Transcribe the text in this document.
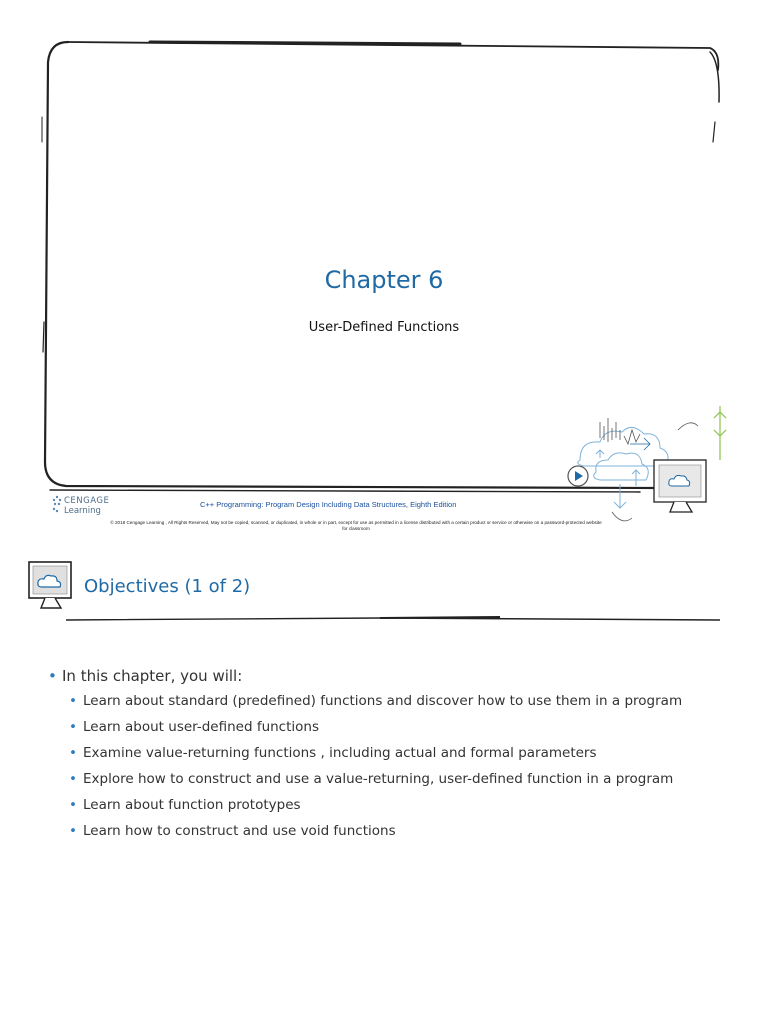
Chapter 6
User-Defined Functions
CENGAGE
Learning
C++ Programming: Program Design Including Data Structures, Eighth Edition
© 2018 Cengage Learning , All Rights Reserved, May not be copied, scanned, or duplicated, in whole or in part, except for use as permitted in a license distributed with a certain product or service or otherwise on a password-protected website for classroom
Objectives (1 of 2)
• In this chapter, you will:
• Learn about standard (predefined) functions and discover how to use them in a program
• Learn about user-defined functions
• Examine value-returning functions , including actual and formal parameters
• Explore how to construct and use a value-returning, user-defined function in a program
• Learn about function prototypes
• Learn how to construct and use void functions
